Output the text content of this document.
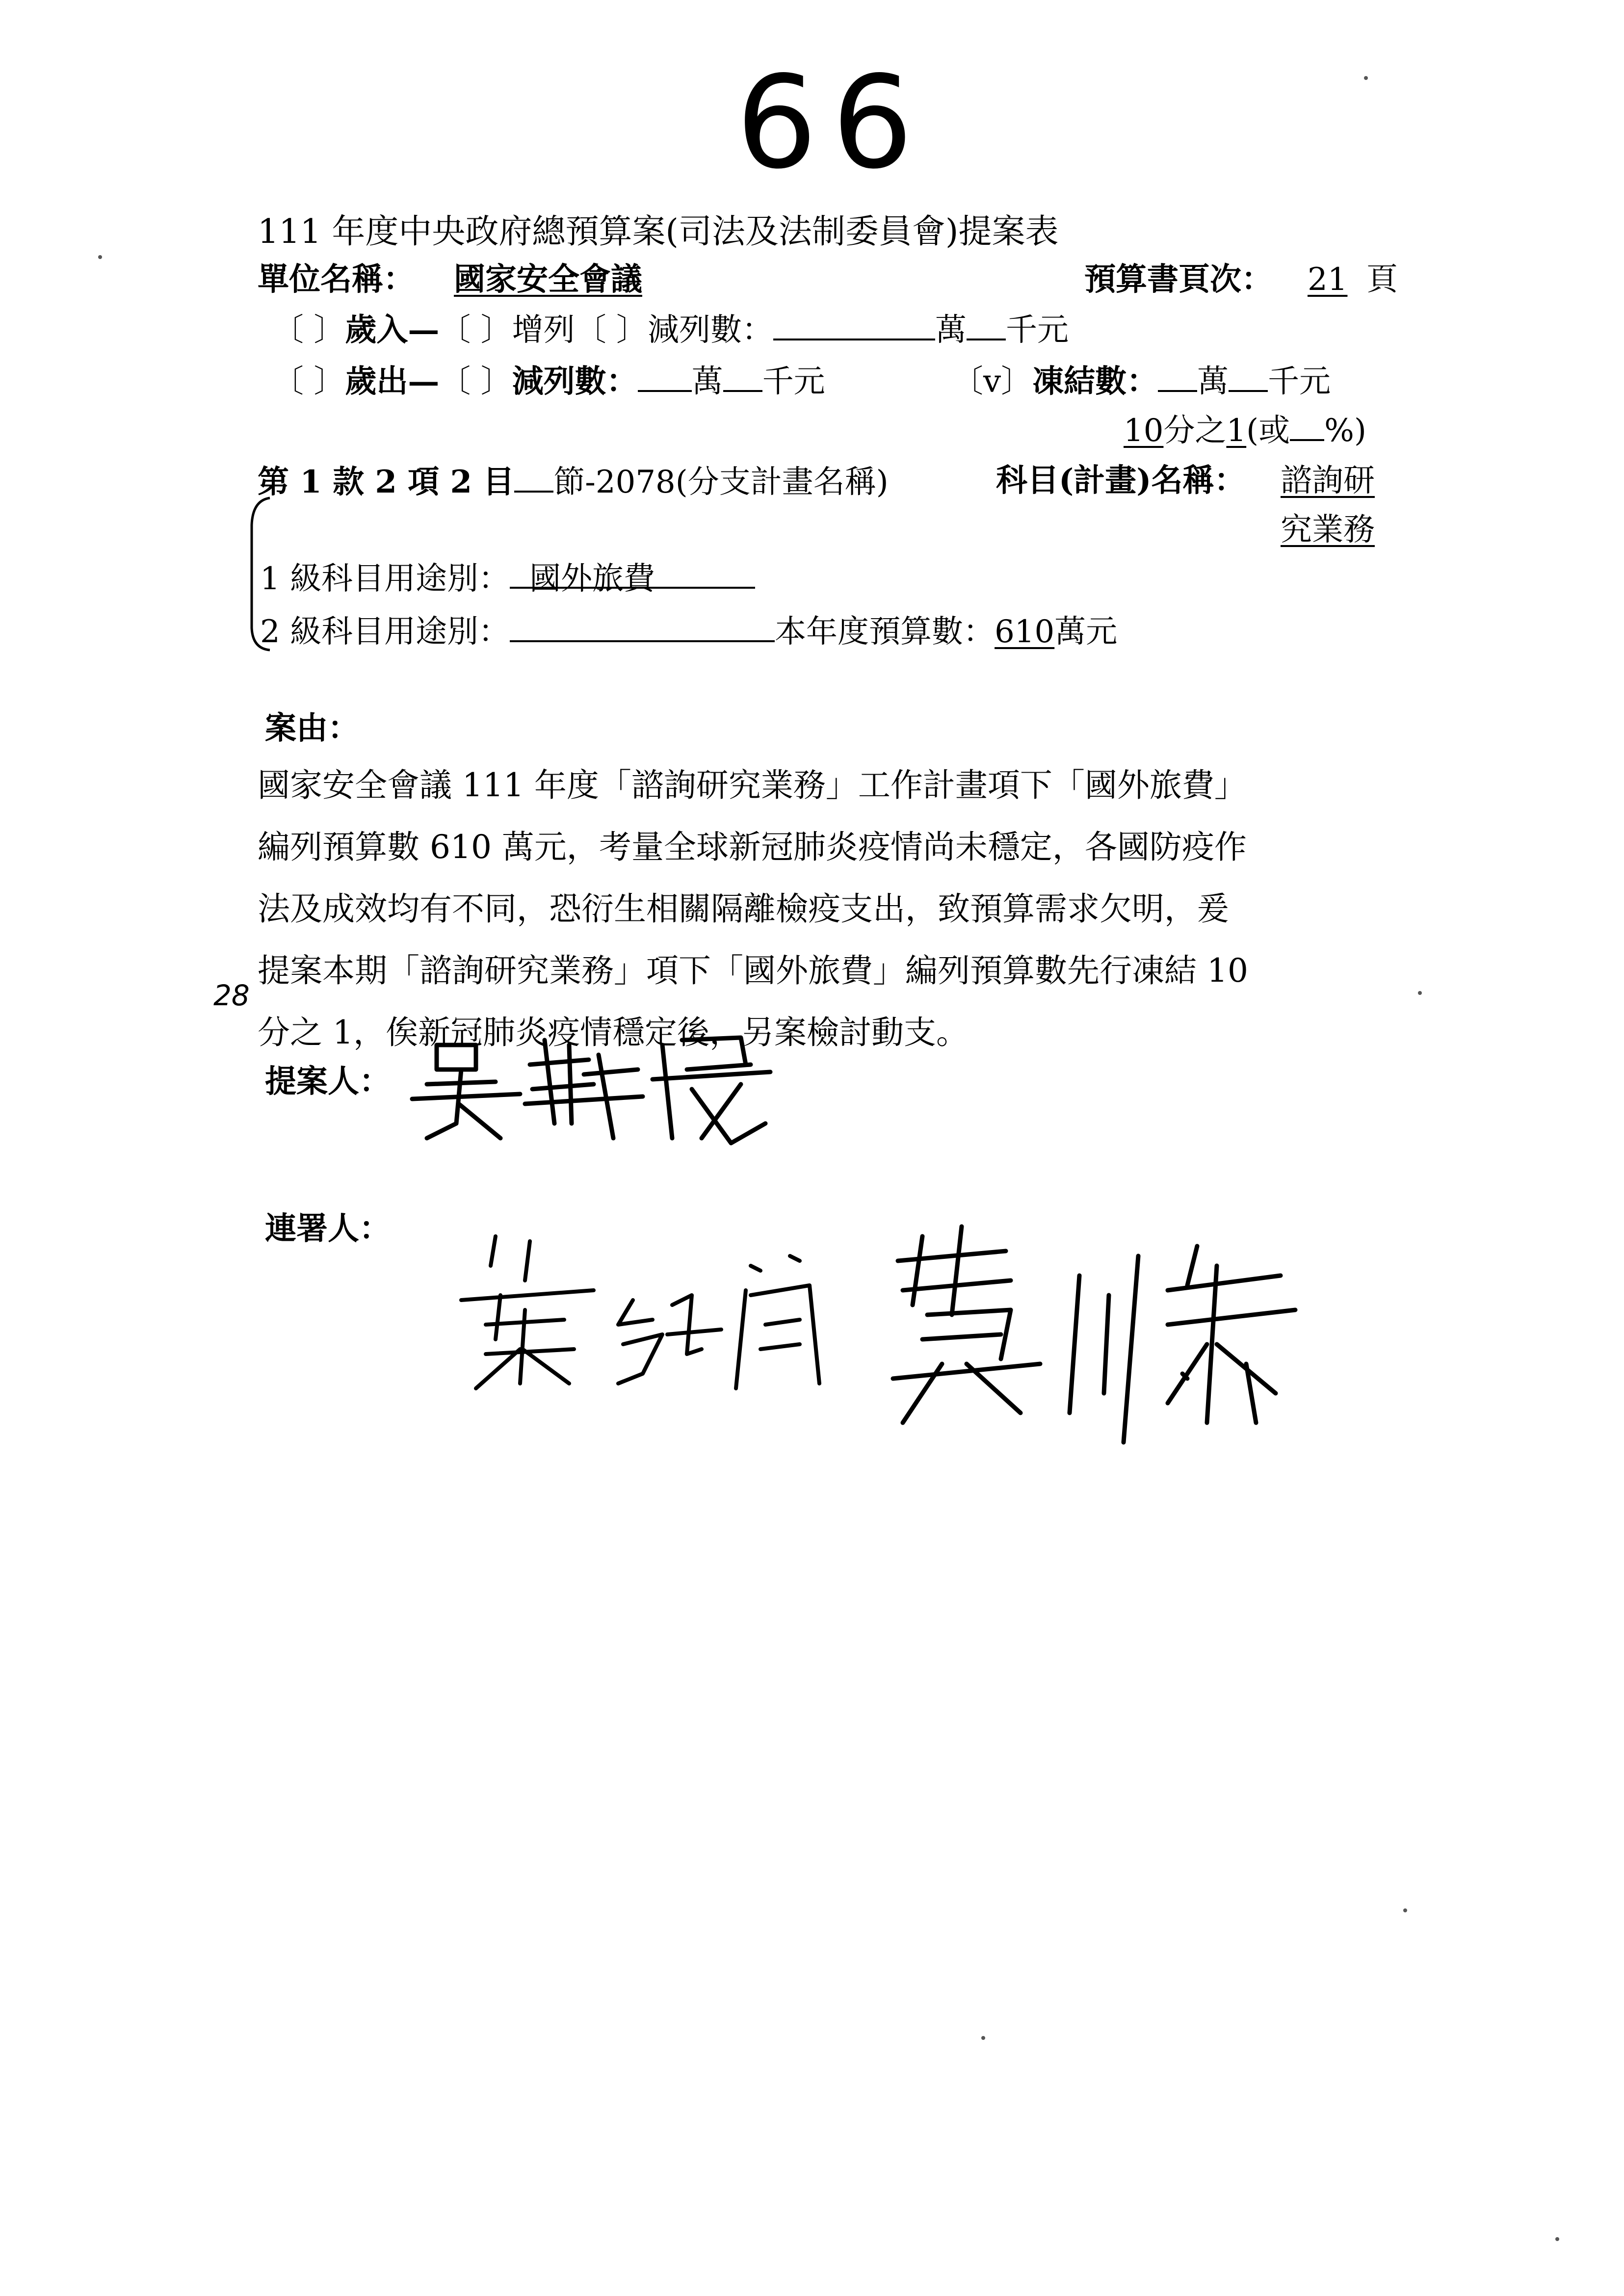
66
111 年度中央政府總預算案(司法及法制委員會)提案表
單位名稱： 國家安全會議	預算書頁次： 21 頁
〔 〕歲入—〔 〕增列〔 〕減列數：	萬 千元
〔 〕歲出—〔 〕減列數： 萬 千元	〔v〕凍結數： 萬 千元
10分之1(或 %)
第 1 款 2 項 2 目 節-2078(分支計畫名稱)	科目(計畫)名稱： 諮詢研
究業務
1 級科目用途別： 國外旅費
2 級科目用途別：	本年度預算數：610萬元
案由：
國家安全會議 111 年度「諮詢研究業務」工作計畫項下「國外旅費」
編列預算數 610 萬元，考量全球新冠肺炎疫情尚未穩定，各國防疫作
法及成效均有不同，恐衍生相關隔離檢疫支出，致預算需求欠明，爰
提案本期「諮詢研究業務」項下「國外旅費」編列預算數先行凍結 10
分之 1，俟新冠肺炎疫情穩定後，另案檢討動支。
28
提案人：
連署人：
